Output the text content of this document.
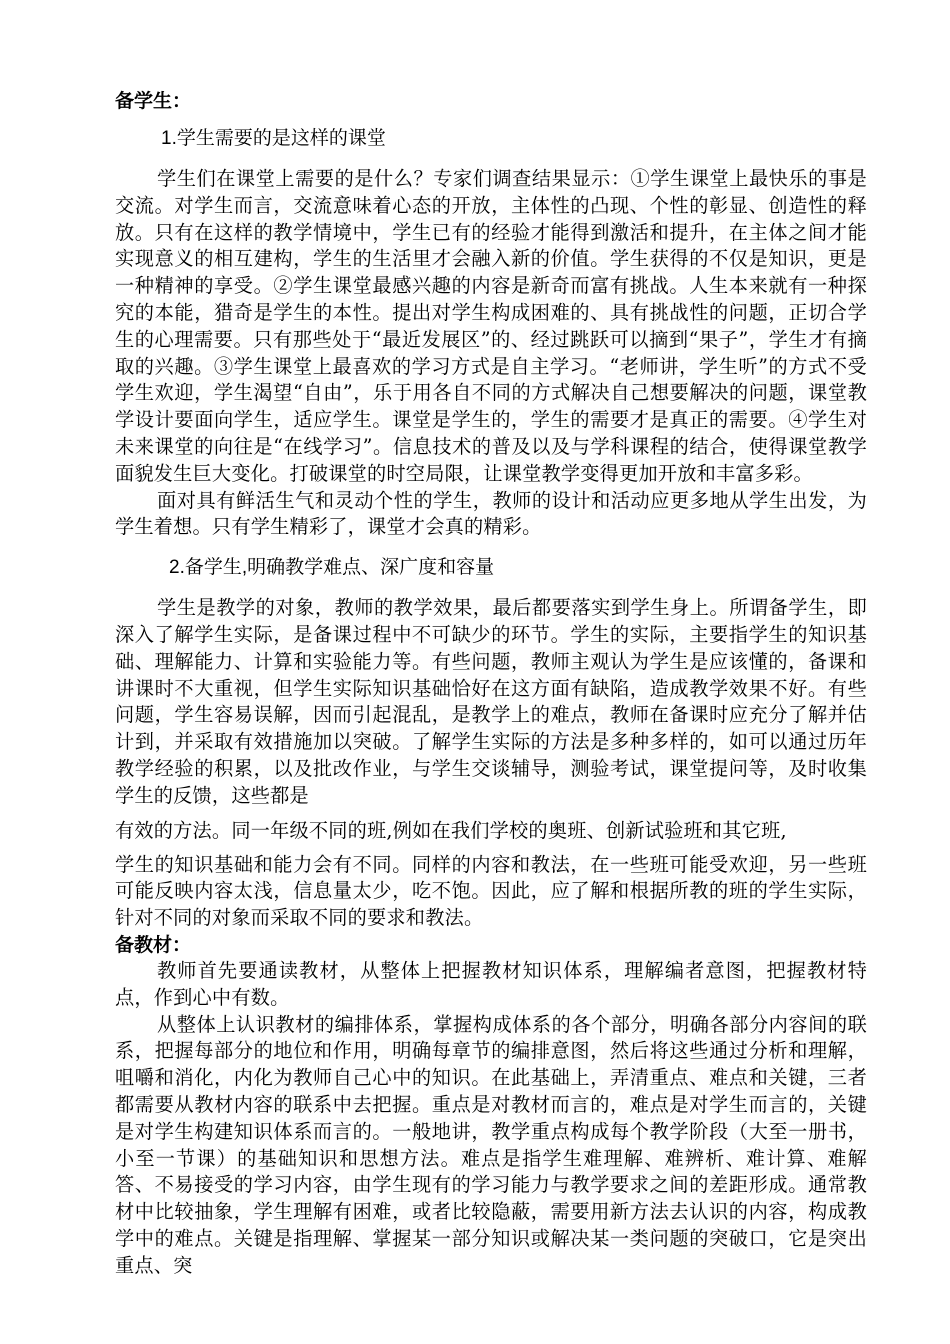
备学生：

1.学生需要的是这样的课堂

学生们在课堂上需要的是什么？专家们调查结果显示：①学生课堂上最快乐的事是交流。对学生而言，交流意味着心态的开放，主体性的凸现、个性的彰显、创造性的释放。只有在这样的教学情境中，学生已有的经验才能得到激活和提升，在主体之间才能实现意义的相互建构，学生的生活里才会融入新的价值。学生获得的不仅是知识，更是一种精神的享受。②学生课堂最感兴趣的内容是新奇而富有挑战。人生本来就有一种探究的本能，猎奇是学生的本性。提出对学生构成困难的、具有挑战性的问题，正切合学生的心理需要。只有那些处于“最近发展区”的、经过跳跃可以摘到“果子”，学生才有摘取的兴趣。③学生课堂上最喜欢的学习方式是自主学习。“老师讲，学生听”的方式不受学生欢迎，学生渴望“自由”，乐于用各自不同的方式解决自己想要解决的问题，课堂教学设计要面向学生，适应学生。课堂是学生的，学生的需要才是真正的需要。④学生对未来课堂的向往是“在线学习”。信息技术的普及以及与学科课程的结合，使得课堂教学面貌发生巨大变化。打破课堂的时空局限，让课堂教学变得更加开放和丰富多彩。

面对具有鲜活生气和灵动个性的学生，教师的设计和活动应更多地从学生出发，为学生着想。只有学生精彩了，课堂才会真的精彩。

2.备学生,明确教学难点、深广度和容量

学生是教学的对象，教师的教学效果，最后都要落实到学生身上。所谓备学生，即深入了解学生实际，是备课过程中不可缺少的环节。学生的实际，主要指学生的知识基础、理解能力、计算和实验能力等。有些问题，教师主观认为学生是应该懂的，备课和讲课时不大重视，但学生实际知识基础恰好在这方面有缺陷，造成教学效果不好。有些问题，学生容易误解，因而引起混乱，是教学上的难点，教师在备课时应充分了解并估计到，并采取有效措施加以突破。了解学生实际的方法是多种多样的，如可以通过历年教学经验的积累，以及批改作业，与学生交谈辅导，测验考试，课堂提问等，及时收集学生的反馈，这些都是

有效的方法。同一年级不同的班,例如在我们学校的奥班、创新试验班和其它班,

学生的知识基础和能力会有不同。同样的内容和教法，在一些班可能受欢迎，另一些班可能反映内容太浅，信息量太少，吃不饱。因此，应了解和根据所教的班的学生实际，针对不同的对象而采取不同的要求和教法。

备教材：

教师首先要通读教材，从整体上把握教材知识体系，理解编者意图，把握教材特点，作到心中有数。

从整体上认识教材的编排体系，掌握构成体系的各个部分，明确各部分内容间的联系，把握每部分的地位和作用，明确每章节的编排意图，然后将这些通过分析和理解，咀嚼和消化，内化为教师自己心中的知识。在此基础上，弄清重点、难点和关键，三者都需要从教材内容的联系中去把握。重点是对教材而言的，难点是对学生而言的，关键是对学生构建知识体系而言的。一般地讲，教学重点构成每个教学阶段（大至一册书，小至一节课）的基础知识和思想方法。难点是指学生难理解、难辨析、难计算、难解答、不易接受的学习内容，由学生现有的学习能力与教学要求之间的差距形成。通常教材中比较抽象，学生理解有困难，或者比较隐蔽，需要用新方法去认识的内容，构成教学中的难点。关键是指理解、掌握某一部分知识或解决某一类问题的突破口，它是突出重点、突
